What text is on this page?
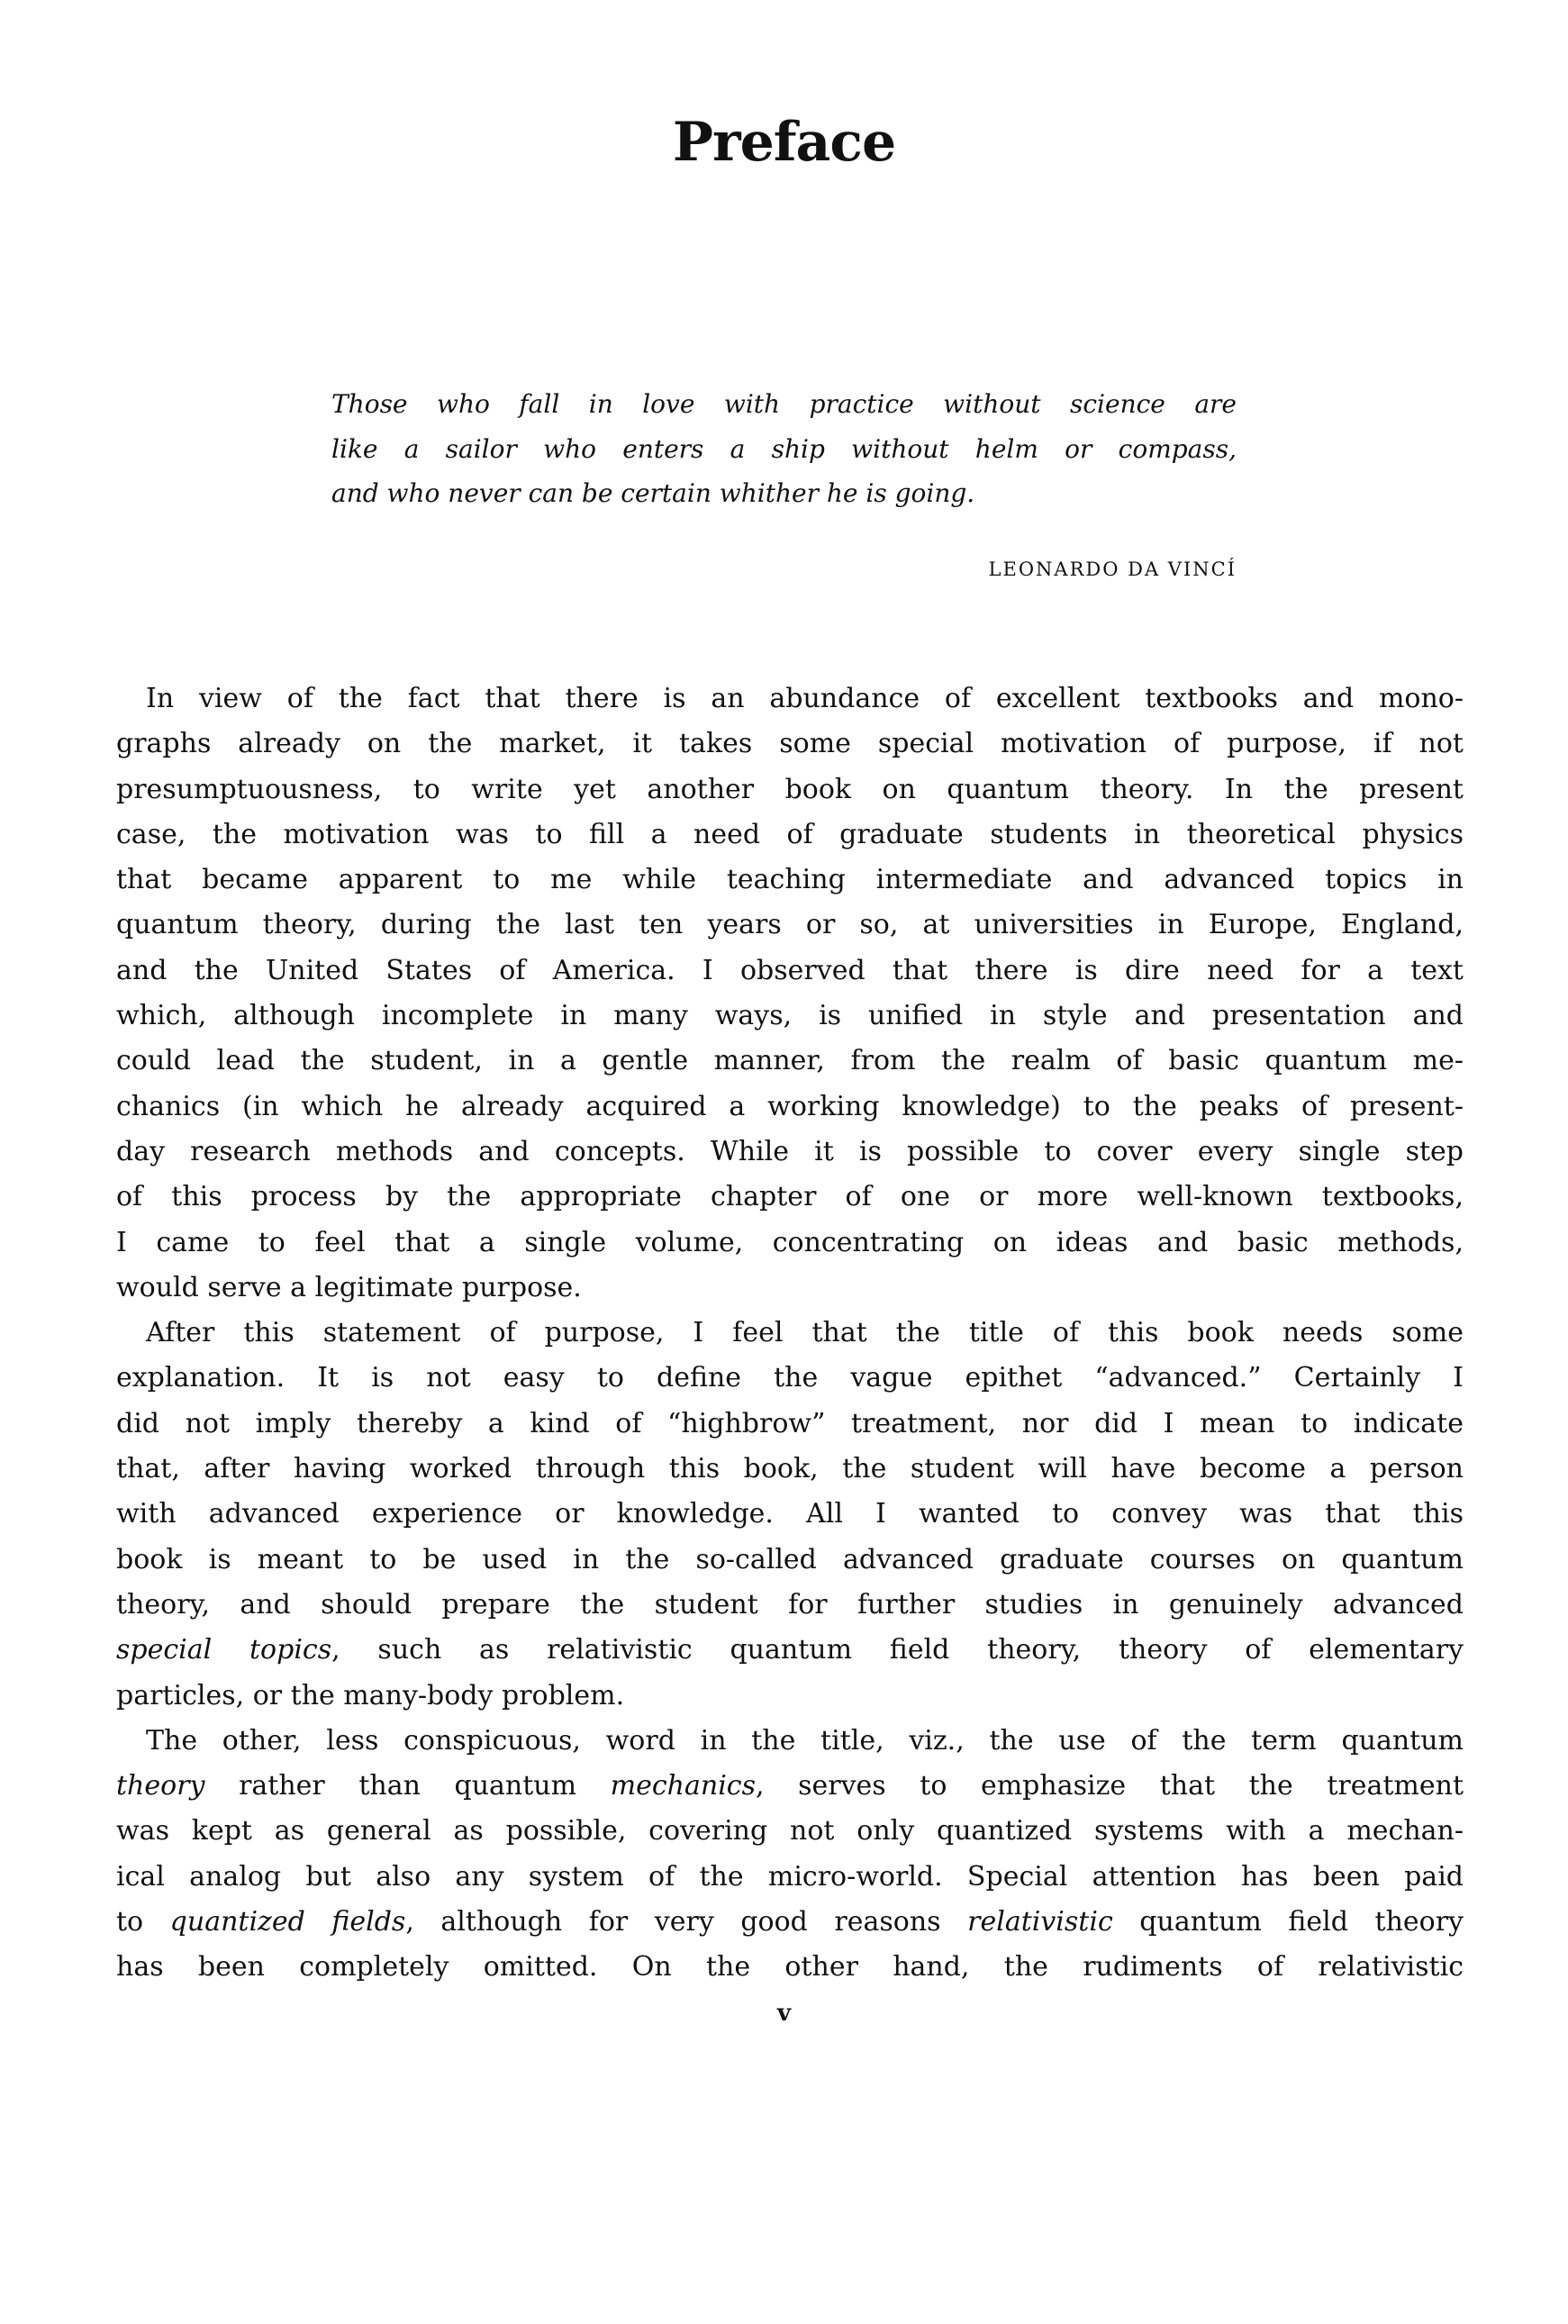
Preface
Those who fall in love with practice without science are
like a sailor who enters a ship without helm or compass,
and who never can be certain whither he is going.
LEONARDO DA VINCÍ
In view of the fact that there is an abundance of excellent textbooks and mono-
graphs already on the market, it takes some special motivation of purpose, if not
presumptuousness, to write yet another book on quantum theory. In the present
case, the motivation was to fill a need of graduate students in theoretical physics
that became apparent to me while teaching intermediate and advanced topics in
quantum theory, during the last ten years or so, at universities in Europe, England,
and the United States of America. I observed that there is dire need for a text
which, although incomplete in many ways, is unified in style and presentation and
could lead the student, in a gentle manner, from the realm of basic quantum me-
chanics (in which he already acquired a working knowledge) to the peaks of present-
day research methods and concepts. While it is possible to cover every single step
of this process by the appropriate chapter of one or more well-known textbooks,
I came to feel that a single volume, concentrating on ideas and basic methods,
would serve a legitimate purpose.
After this statement of purpose, I feel that the title of this book needs some
explanation. It is not easy to define the vague epithet “advanced.” Certainly I
did not imply thereby a kind of “highbrow” treatment, nor did I mean to indicate
that, after having worked through this book, the student will have become a person
with advanced experience or knowledge. All I wanted to convey was that this
book is meant to be used in the so-called advanced graduate courses on quantum
theory, and should prepare the student for further studies in genuinely advanced
special topics, such as relativistic quantum field theory, theory of elementary
particles, or the many-body problem.
The other, less conspicuous, word in the title, viz., the use of the term quantum
theory rather than quantum mechanics, serves to emphasize that the treatment
was kept as general as possible, covering not only quantized systems with a mechan-
ical analog but also any system of the micro-world. Special attention has been paid
to quantized fields, although for very good reasons relativistic quantum field theory
has been completely omitted. On the other hand, the rudiments of relativistic
v
